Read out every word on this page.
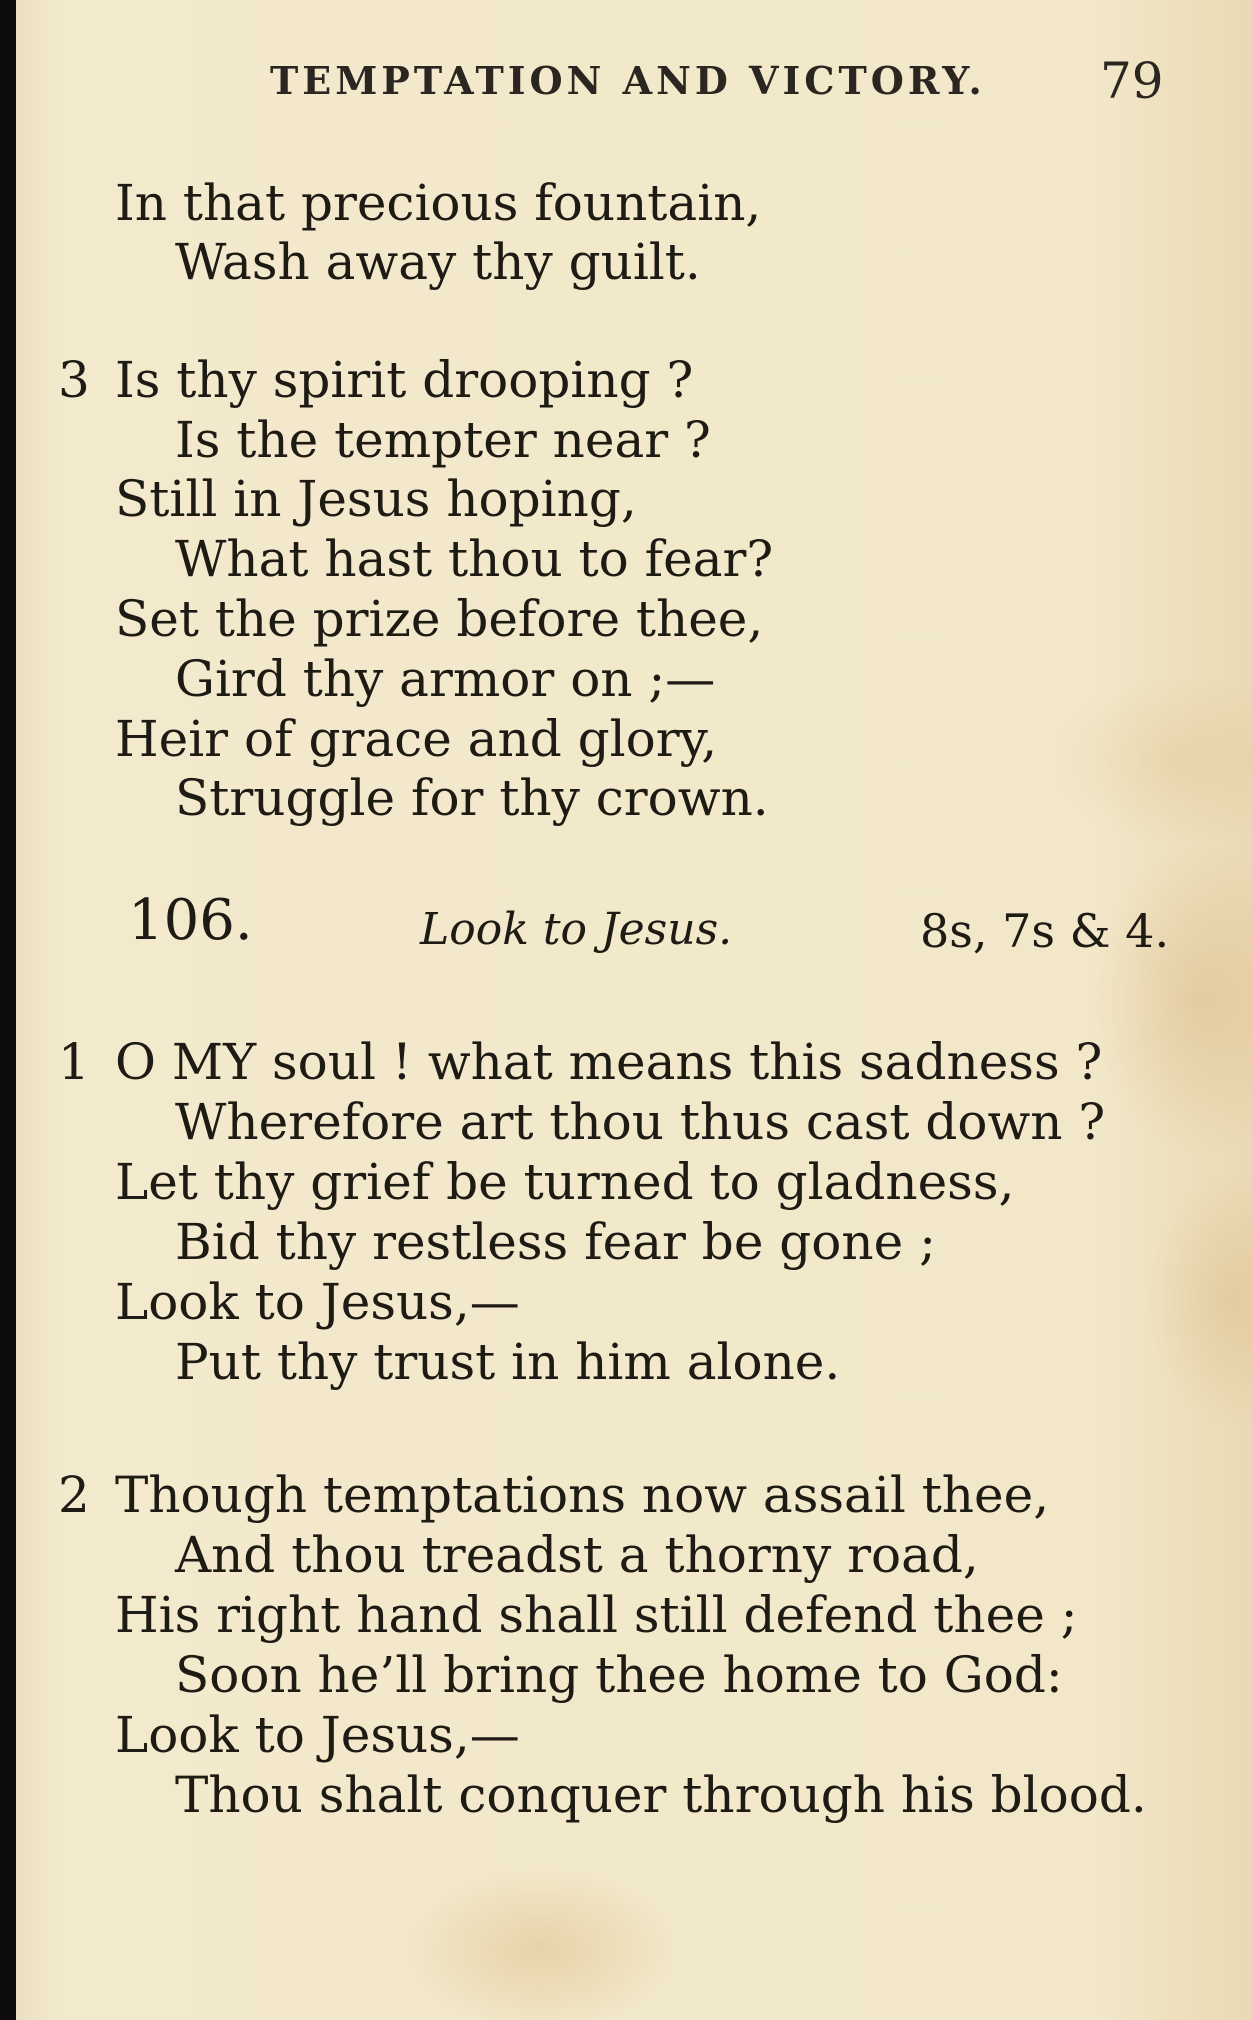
TEMPTATION AND VICTORY. 79
In that precious fountain,
Wash away thy guilt.
3 Is thy spirit drooping ?
Is the tempter near ?
Still in Jesus hoping,
What hast thou to fear?
Set the prize before thee,
Gird thy armor on ;—
Heir of grace and glory,
Struggle for thy crown.
106.	Look to Jesus.	8s, 7s & 4.
1 O MY soul ! what means this sadness ?
Wherefore art thou thus cast down ?
Let thy grief be turned to gladness,
Bid thy restless fear be gone ;
Look to Jesus,—
Put thy trust in him alone.
2 Though temptations now assail thee,
And thou treadst a thorny road,
His right hand shall still defend thee ;
Soon he’ll bring thee home to God:
Look to Jesus,—
Thou shalt conquer through his blood.
